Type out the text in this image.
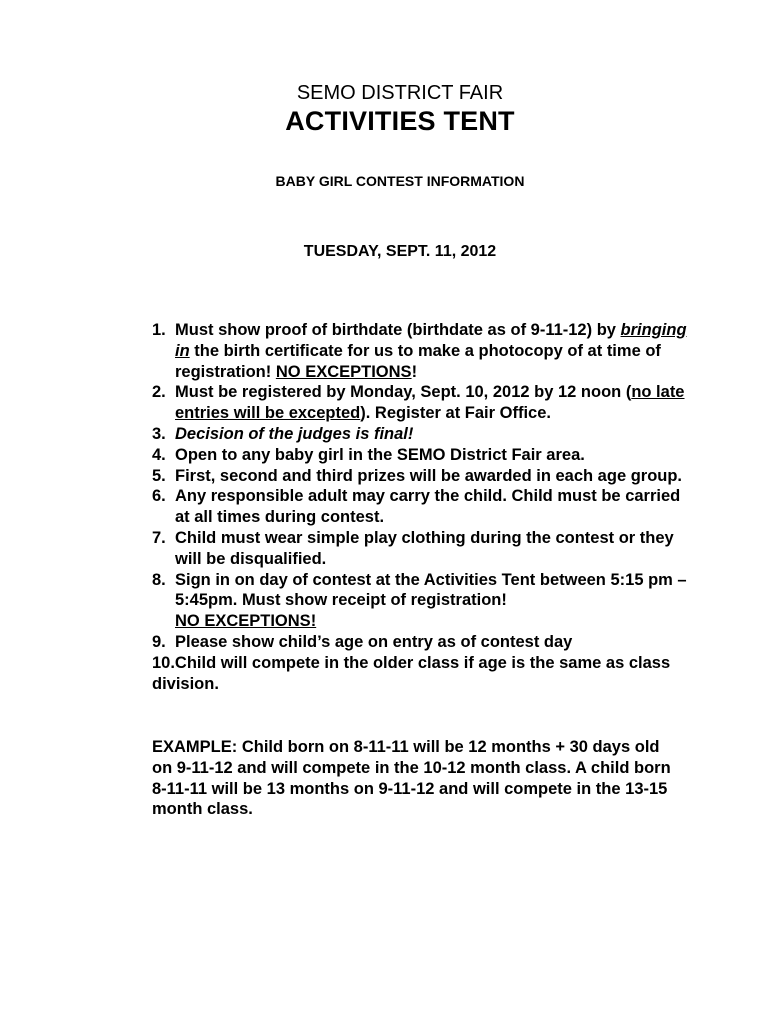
SEMO DISTRICT FAIR
ACTIVITIES TENT
BABY GIRL CONTEST INFORMATION
TUESDAY, SEPT. 11, 2012
1. Must show proof of birthdate (birthdate as of 9-11-12) by bringing in the birth certificate for us to make a photocopy of at time of registration! NO EXCEPTIONS!
2. Must be registered by Monday, Sept. 10, 2012 by 12 noon (no late entries will be excepted). Register at Fair Office.
3. Decision of the judges is final!
4. Open to any baby girl in the SEMO District Fair area.
5. First, second and third prizes will be awarded in each age group.
6. Any responsible adult may carry the child. Child must be carried at all times during contest.
7. Child must wear simple play clothing during the contest or they will be disqualified.
8. Sign in on day of contest at the Activities Tent between 5:15 pm – 5:45pm. Must show receipt of registration!
NO EXCEPTIONS!
9. Please show child’s age on entry as of contest day
10.Child will compete in the older class if age is the same as class division.
EXAMPLE: Child born on 8-11-11 will be 12 months + 30 days old on 9-11-12 and will compete in the 10-12 month class. A child born 8-11-11 will be 13 months on 9-11-12 and will compete in the 13-15 month class.
